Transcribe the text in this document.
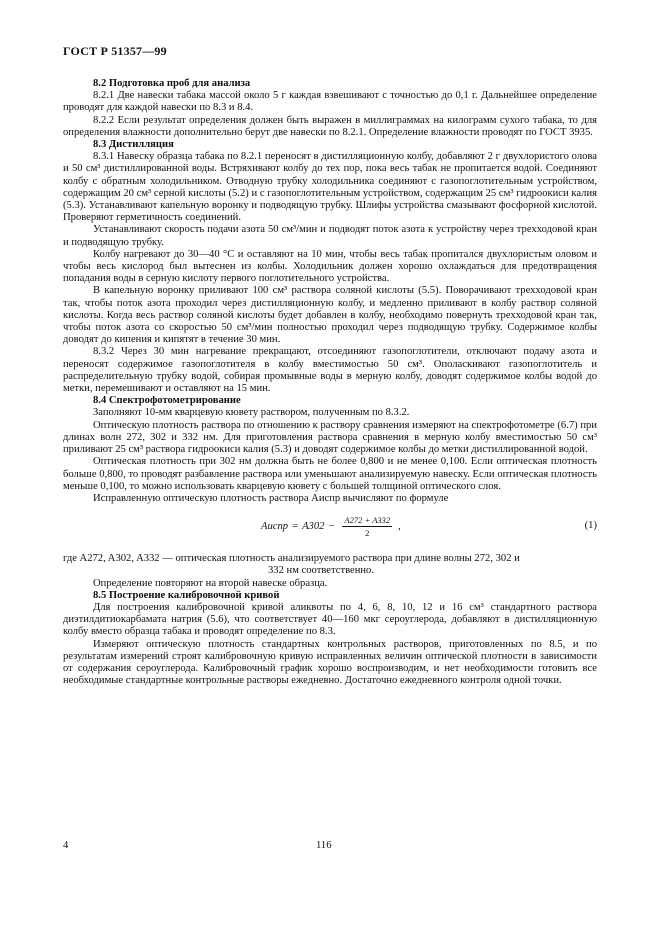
ГОСТ Р 51357—99

8.2 Подготовка проб для анализа

8.2.1 Две навески табака массой около 5 г каждая взвешивают с точностью до 0,1 г. Дальнейшее определение проводят для каждой навески по 8.3 и 8.4.

8.2.2 Если результат определения должен быть выражен в миллиграммах на килограмм сухого табака, то для определения влажности дополнительно берут две навески по 8.2.1. Определение влажности проводят по ГОСТ 3935.

8.3 Дистилляция

8.3.1 Навеску образца табака по 8.2.1 переносят в дистилляционную колбу, добавляют 2 г двухлористого олова и 50 см³ дистиллированной воды. Встряхивают колбу до тех пор, пока весь табак не пропитается водой. Соединяют колбу с обратным холодильником. Отводную трубку холодильника соединяют с газопоглотительным устройством, содержащим 20 см³ серной кислоты (5.2) и с газопоглотительным устройством, содержащим 25 см³ гидроокиси калия (5.3). Устанавливают капельную воронку и подводящую трубку. Шлифы устройства смазывают фосфорной кислотой. Проверяют герметичность соединений.

Устанавливают скорость подачи азота 50 см³/мин и подводят поток азота к устройству через трехходовой кран и подводящую трубку.

Колбу нагревают до 30—40 °С и оставляют на 10 мин, чтобы весь табак пропитался двухлористым оловом и чтобы весь кислород был вытеснен из колбы. Холодильник должен хорошо охлаждаться для предотвращения попадания воды в серную кислоту первого поглотительного устройства.

В капельную воронку приливают 100 см³ раствора соляной кислоты (5.5). Поворачивают трехходовой кран так, чтобы поток азота проходил через дистилляционную колбу, и медленно приливают в колбу раствор соляной кислоты. Когда весь раствор соляной кислоты будет добавлен в колбу, необходимо повернуть трехходовой кран так, чтобы поток азота со скоростью 50 см³/мин полностью проходил через подводящую трубку. Содержимое колбы доводят до кипения и кипятят в течение 30 мин.

8.3.2 Через 30 мин нагревание прекращают, отсоединяют газопоглотители, отключают подачу азота и переносят содержимое газопоглотителя в колбу вместимостью 50 см³. Ополаскивают газопоглотитель и распределительную трубку водой, собирая промывные воды в мерную колбу, доводят содержимое колбы водой до метки, перемешивают и оставляют на 15 мин.

8.4 Спектрофотометрирование

Заполняют 10-мм кварцевую кювету раствором, полученным по 8.3.2.

Оптическую плотность раствора по отношению к раствору сравнения измеряют на спектрофотометре (6.7) при длинах волн 272, 302 и 332 нм. Для приготовления раствора сравнения в мерную колбу вместимостью 50 см³ приливают 25 см³ раствора гидроокиси калия (5.3) и доводят содержимое колбы до метки дистиллированной водой.

Оптическая плотность при 302 нм должна быть не более 0,800 и не менее 0,100. Если оптическая плотность больше 0,800, то проводят разбавление раствора или уменьшают анализируемую навеску. Если оптическая плотность меньше 0,100, то можно использовать кварцевую кювету с большей толщиной оптического слоя.

Исправленную оптическую плотность раствора Aиспр вычисляют по формуле

Aиспр = $A302 - \frac{A272 + A332}{2}$ ,	(1)

где A272, A302, A332 — оптическая плотность анализируемого раствора при длине волны 272, 302 и

332 нм соответственно.

Определение повторяют на второй навеске образца.

8.5 Построение калибровочной кривой

Для построения калибровочной кривой аликвоты по 4, 6, 8, 10, 12 и 16 см³ стандартного раствора диэтилдитиокарбамата натрия (5.6), что соответствует 40—160 мкг сероуглерода, добавляют в дистилляционную колбу вместо образца табака и проводят определение по 8.3.

Измеряют оптическую плотность стандартных контрольных растворов, приготовленных по 8.5, и по результатам измерений строят калибровочную кривую исправленных величин оптической плотности в зависимости от содержания сероуглерода. Калибровочный график хорошо воспроизводим, и нет необходимости готовить все необходимые стандартные контрольные растворы ежедневно. Достаточно ежедневного контроля одной точки.

4	116
